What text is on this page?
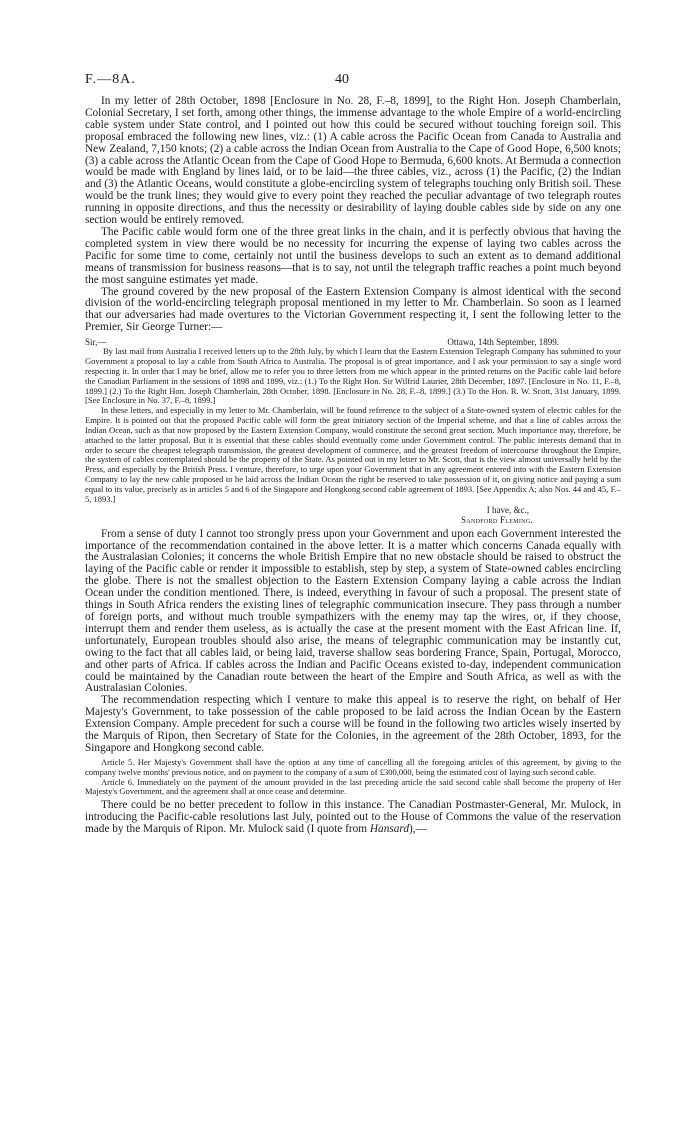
F.—8A.	40

In my letter of 28th October, 1898 [Enclosure in No. 28, F.–8, 1899], to the Right Hon. Joseph Chamberlain, Colonial Secretary, I set forth, among other things, the immense advantage to the whole Empire of a world-encircling cable system under State control, and I pointed out how this could be secured without touching foreign soil. This proposal embraced the following new lines, viz.: (1) A cable across the Pacific Ocean from Canada to Australia and New Zealand, 7,150 knots; (2) a cable across the Indian Ocean from Australia to the Cape of Good Hope, 6,500 knots; (3) a cable across the Atlantic Ocean from the Cape of Good Hope to Bermuda, 6,600 knots. At Bermuda a connection would be made with England by lines laid, or to be laid—the three cables, viz., across (1) the Pacific, (2) the Indian and (3) the Atlantic Oceans, would constitute a globe-encircling system of telegraphs touching only British soil. These would be the trunk lines; they would give to every point they reached the peculiar advantage of two telegraph routes running in opposite directions, and thus the necessity or desirability of laying double cables side by side on any one section would be entirely removed.

The Pacific cable would form one of the three great links in the chain, and it is perfectly obvious that having the completed system in view there would be no necessity for incurring the expense of laying two cables across the Pacific for some time to come, certainly not until the business develops to such an extent as to demand additional means of transmission for business reasons—that is to say, not until the telegraph traffic reaches a point much beyond the most sanguine estimates yet made.

The ground covered by the new proposal of the Eastern Extension Company is almost identical with the second division of the world-encircling telegraph proposal mentioned in my letter to Mr. Chamberlain. So soon as I learned that our adversaries had made overtures to the Victorian Government respecting it, I sent the following letter to the Premier, Sir George Turner:—

Sir,—	Ottawa, 14th September, 1899.

By last mail from Australia I received letters up to the 28th July, by which I learn that the Eastern Extension Telegraph Company has submitted to your Government a proposal to lay a cable from South Africa to Australia. The proposal is of great importance, and I ask your permission to say a single word respecting it. In order that I may be brief, allow me to refer you to three letters from me which appear in the printed returns on the Pacific cable laid before the Canadian Parliament in the sessions of 1898 and 1899, viz.: (1.) To the Right Hon. Sir Wilfrid Laurier, 28th December, 1897. [Enclosure in No. 11, F.–8, 1899.] (2.) To the Right Hon. Joseph Chamberlain, 28th October, 1898. [Enclosure in No. 28, F.–8, 1899.] (3.) To the Hon. R. W. Scott, 31st January, 1899. [See Enclosure in No. 37, F.–8, 1899.]

In these letters, and especially in my letter to Mr. Chamberlain, will be found reference to the subject of a State-owned system of electric cables for the Empire. It is pointed out that the proposed Pacific cable will form the great initiatory section of the Imperial scheme, and that a line of cables across the Indian Ocean, such as that now proposed by the Eastern Extension Company, would constitute the second great section. Much importance may, therefore, be attached to the latter proposal. But it is essential that these cables should eventually come under Government control. The public interests demand that in order to secure the cheapest telegraph transmission, the greatest development of commerce, and the greatest freedom of intercourse throughout the Empire, the system of cables contemplated should be the property of the State. As pointed out in my letter to Mr. Scott, that is the view almost universally held by the Press, and especially by the British Press. I venture, therefore, to urge upon your Government that in any agreement entered into with the Eastern Extension Company to lay the new cable proposed to be laid across the Indian Ocean the right be reserved to take possession of it, on giving notice and paying a sum equal to its value, precisely as in articles 5 and 6 of the Singapore and Hongkong second cable agreement of 1893. [See Appendix A; also Nos. 44 and 45, F.–5, 1893.]

I have, &c.,
Sandford Fleming.

From a sense of duty I cannot too strongly press upon your Government and upon each Government interested the importance of the recommendation contained in the above letter. It is a matter which concerns Canada equally with the Australasian Colonies; it concerns the whole British Empire that no new obstacle should be raised to obstruct the laying of the Pacific cable or render it impossible to establish, step by step, a system of State-owned cables encircling the globe. There is not the smallest objection to the Eastern Extension Company laying a cable across the Indian Ocean under the condition mentioned. There, is indeed, everything in favour of such a proposal. The present state of things in South Africa renders the existing lines of telegraphic communication insecure. They pass through a number of foreign ports, and without much trouble sympathizers with the enemy may tap the wires, or, if they choose, interrupt them and render them useless, as is actually the case at the present moment with the East African line. If, unfortunately, European troubles should also arise, the means of telegraphic communication may be instantly cut, owing to the fact that all cables laid, or being laid, traverse shallow seas bordering France, Spain, Portugal, Morocco, and other parts of Africa. If cables across the Indian and Pacific Oceans existed to-day, independent communication could be maintained by the Canadian route between the heart of the Empire and South Africa, as well as with the Australasian Colonies.

The recommendation respecting which I venture to make this appeal is to reserve the right, on behalf of Her Majesty's Government, to take possession of the cable proposed to be laid across the Indian Ocean by the Eastern Extension Company. Ample precedent for such a course will be found in the following two articles wisely inserted by the Marquis of Ripon, then Secretary of State for the Colonies, in the agreement of the 28th October, 1893, for the Singapore and Hongkong second cable.

Article 5. Her Majesty's Government shall have the option at any time of cancelling all the foregoing articles of this agreement, by giving to the company twelve months' previous notice, and on payment to the company of a sum of £300,000, being the estimated cost of laying such second cable.

Article 6. Immediately on the payment of the amount provided in the last preceding article the said second cable shall become the property of Her Majesty's Government, and the agreement shall at once cease and determine.

There could be no better precedent to follow in this instance. The Canadian Postmaster-General, Mr. Mulock, in introducing the Pacific-cable resolutions last July, pointed out to the House of Commons the value of the reservation made by the Marquis of Ripon. Mr. Mulock said (I quote from Hansard),—
